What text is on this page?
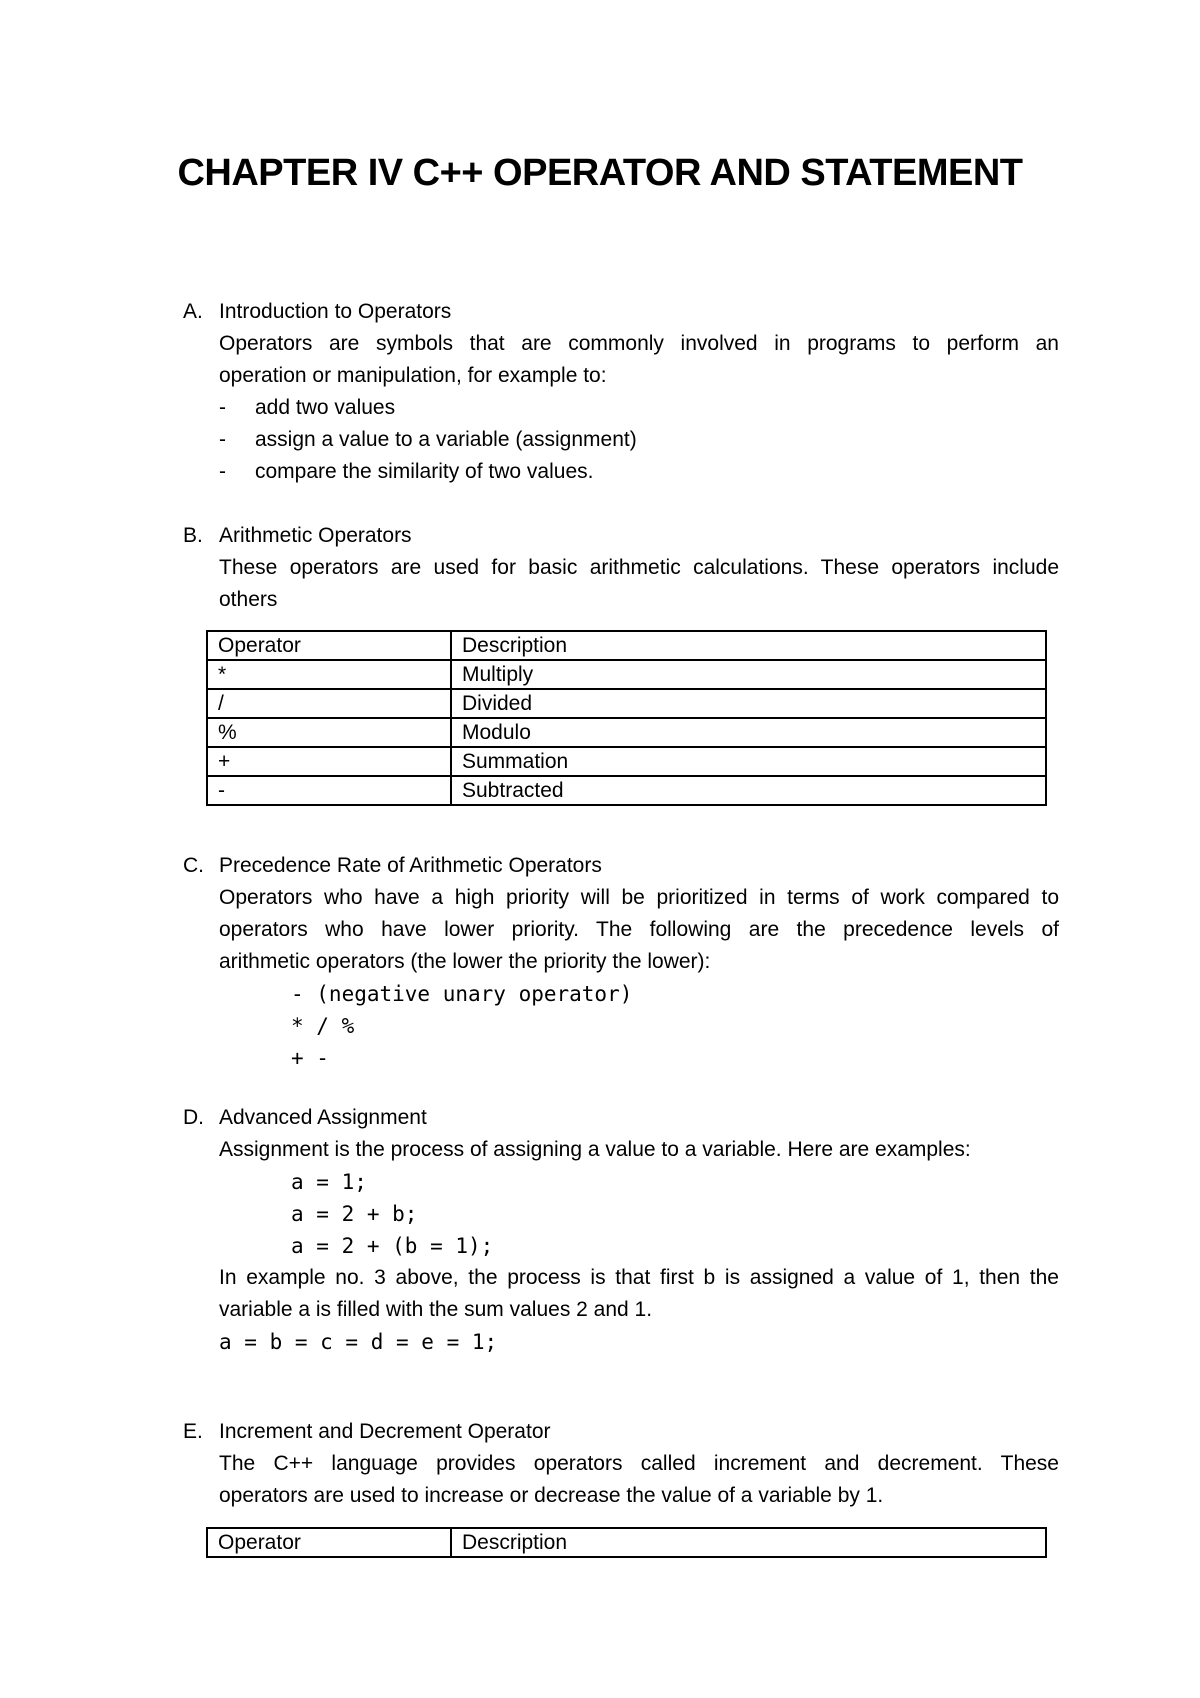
CHAPTER IV C++ OPERATOR AND STATEMENT
A. Introduction to Operators
Operators are symbols that are commonly involved in programs to perform an
operation or manipulation, for example to:
- add two values
- assign a value to a variable (assignment)
- compare the similarity of two values.
B. Arithmetic Operators
These operators are used for basic arithmetic calculations. These operators include
others
Operator	Description
*	Multiply
/	Divided
%	Modulo
+	Summation
-	Subtracted
C. Precedence Rate of Arithmetic Operators
Operators who have a high priority will be prioritized in terms of work compared to
operators who have lower priority. The following are the precedence levels of
arithmetic operators (the lower the priority the lower):
- (negative unary operator)
* / %
+ -
D. Advanced Assignment
Assignment is the process of assigning a value to a variable. Here are examples:
a = 1;
a = 2 + b;
a = 2 + (b = 1);
In example no. 3 above, the process is that first b is assigned a value of 1, then the
variable a is filled with the sum values 2 and 1.
a = b = c = d = e = 1;
E. Increment and Decrement Operator
The C++ language provides operators called increment and decrement. These
operators are used to increase or decrease the value of a variable by 1.
Operator	Description
